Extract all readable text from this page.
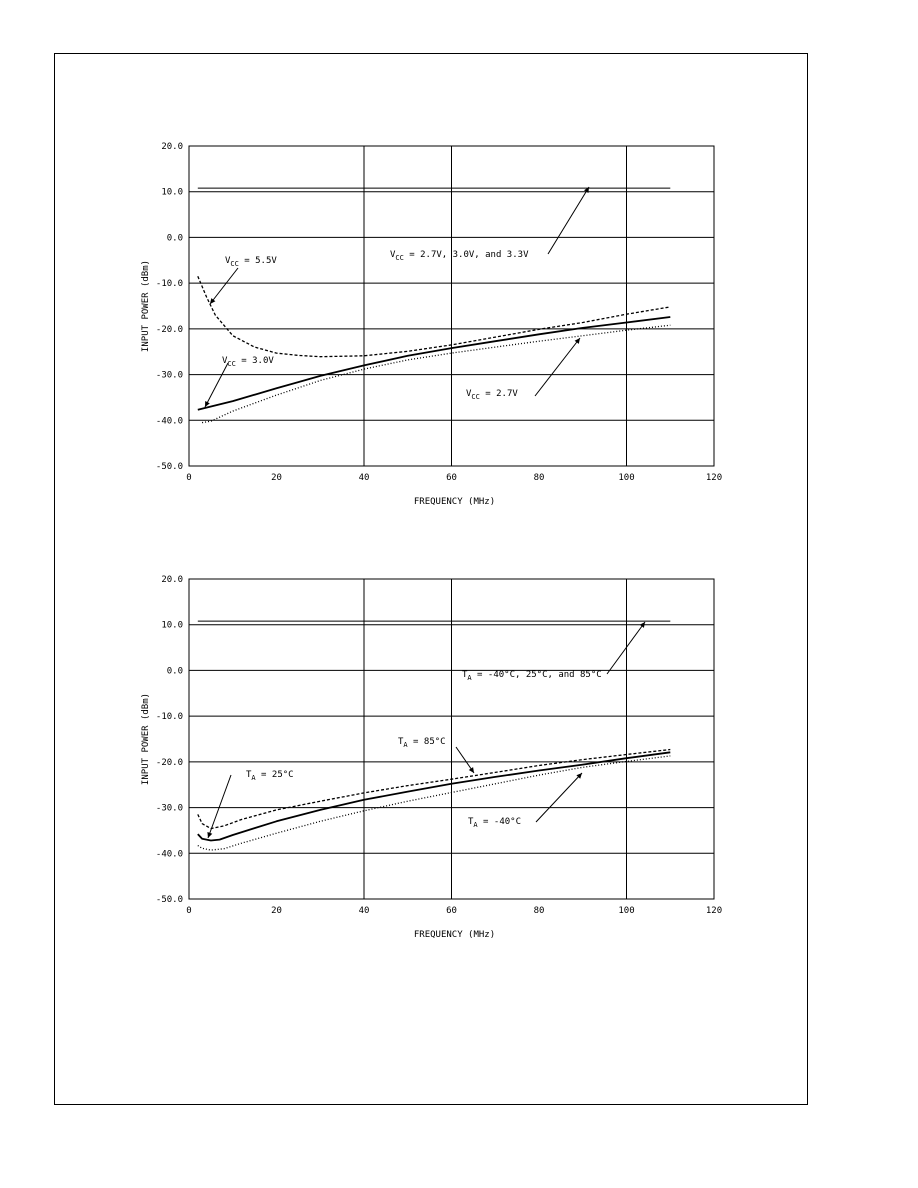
0	20	40	60	80	100	120
20.0
10.0
0.0
-10.0
-20.0
-30.0
-40.0
-50.0
FREQUENCY (MHz)
INPUT POWER (dBm)
$V_{CC} = 2.7V$, 3.0V, and 3.3V
$V_{CC} = 5.5V$
$V_{CC} = 3.0V$
$V_{CC} = 2.7V$
0	20	40	60	80	100	120
20.0
10.0
0.0
-10.0
-20.0
-30.0
-40.0
-50.0
FREQUENCY (MHz)
INPUT POWER (dBm)
$T_A = -40^\circ C$, 25°C, and 85°C
$T_A = 85^\circ C$
$T_A = 25^\circ C$
$T_A = -40^\circ C$
